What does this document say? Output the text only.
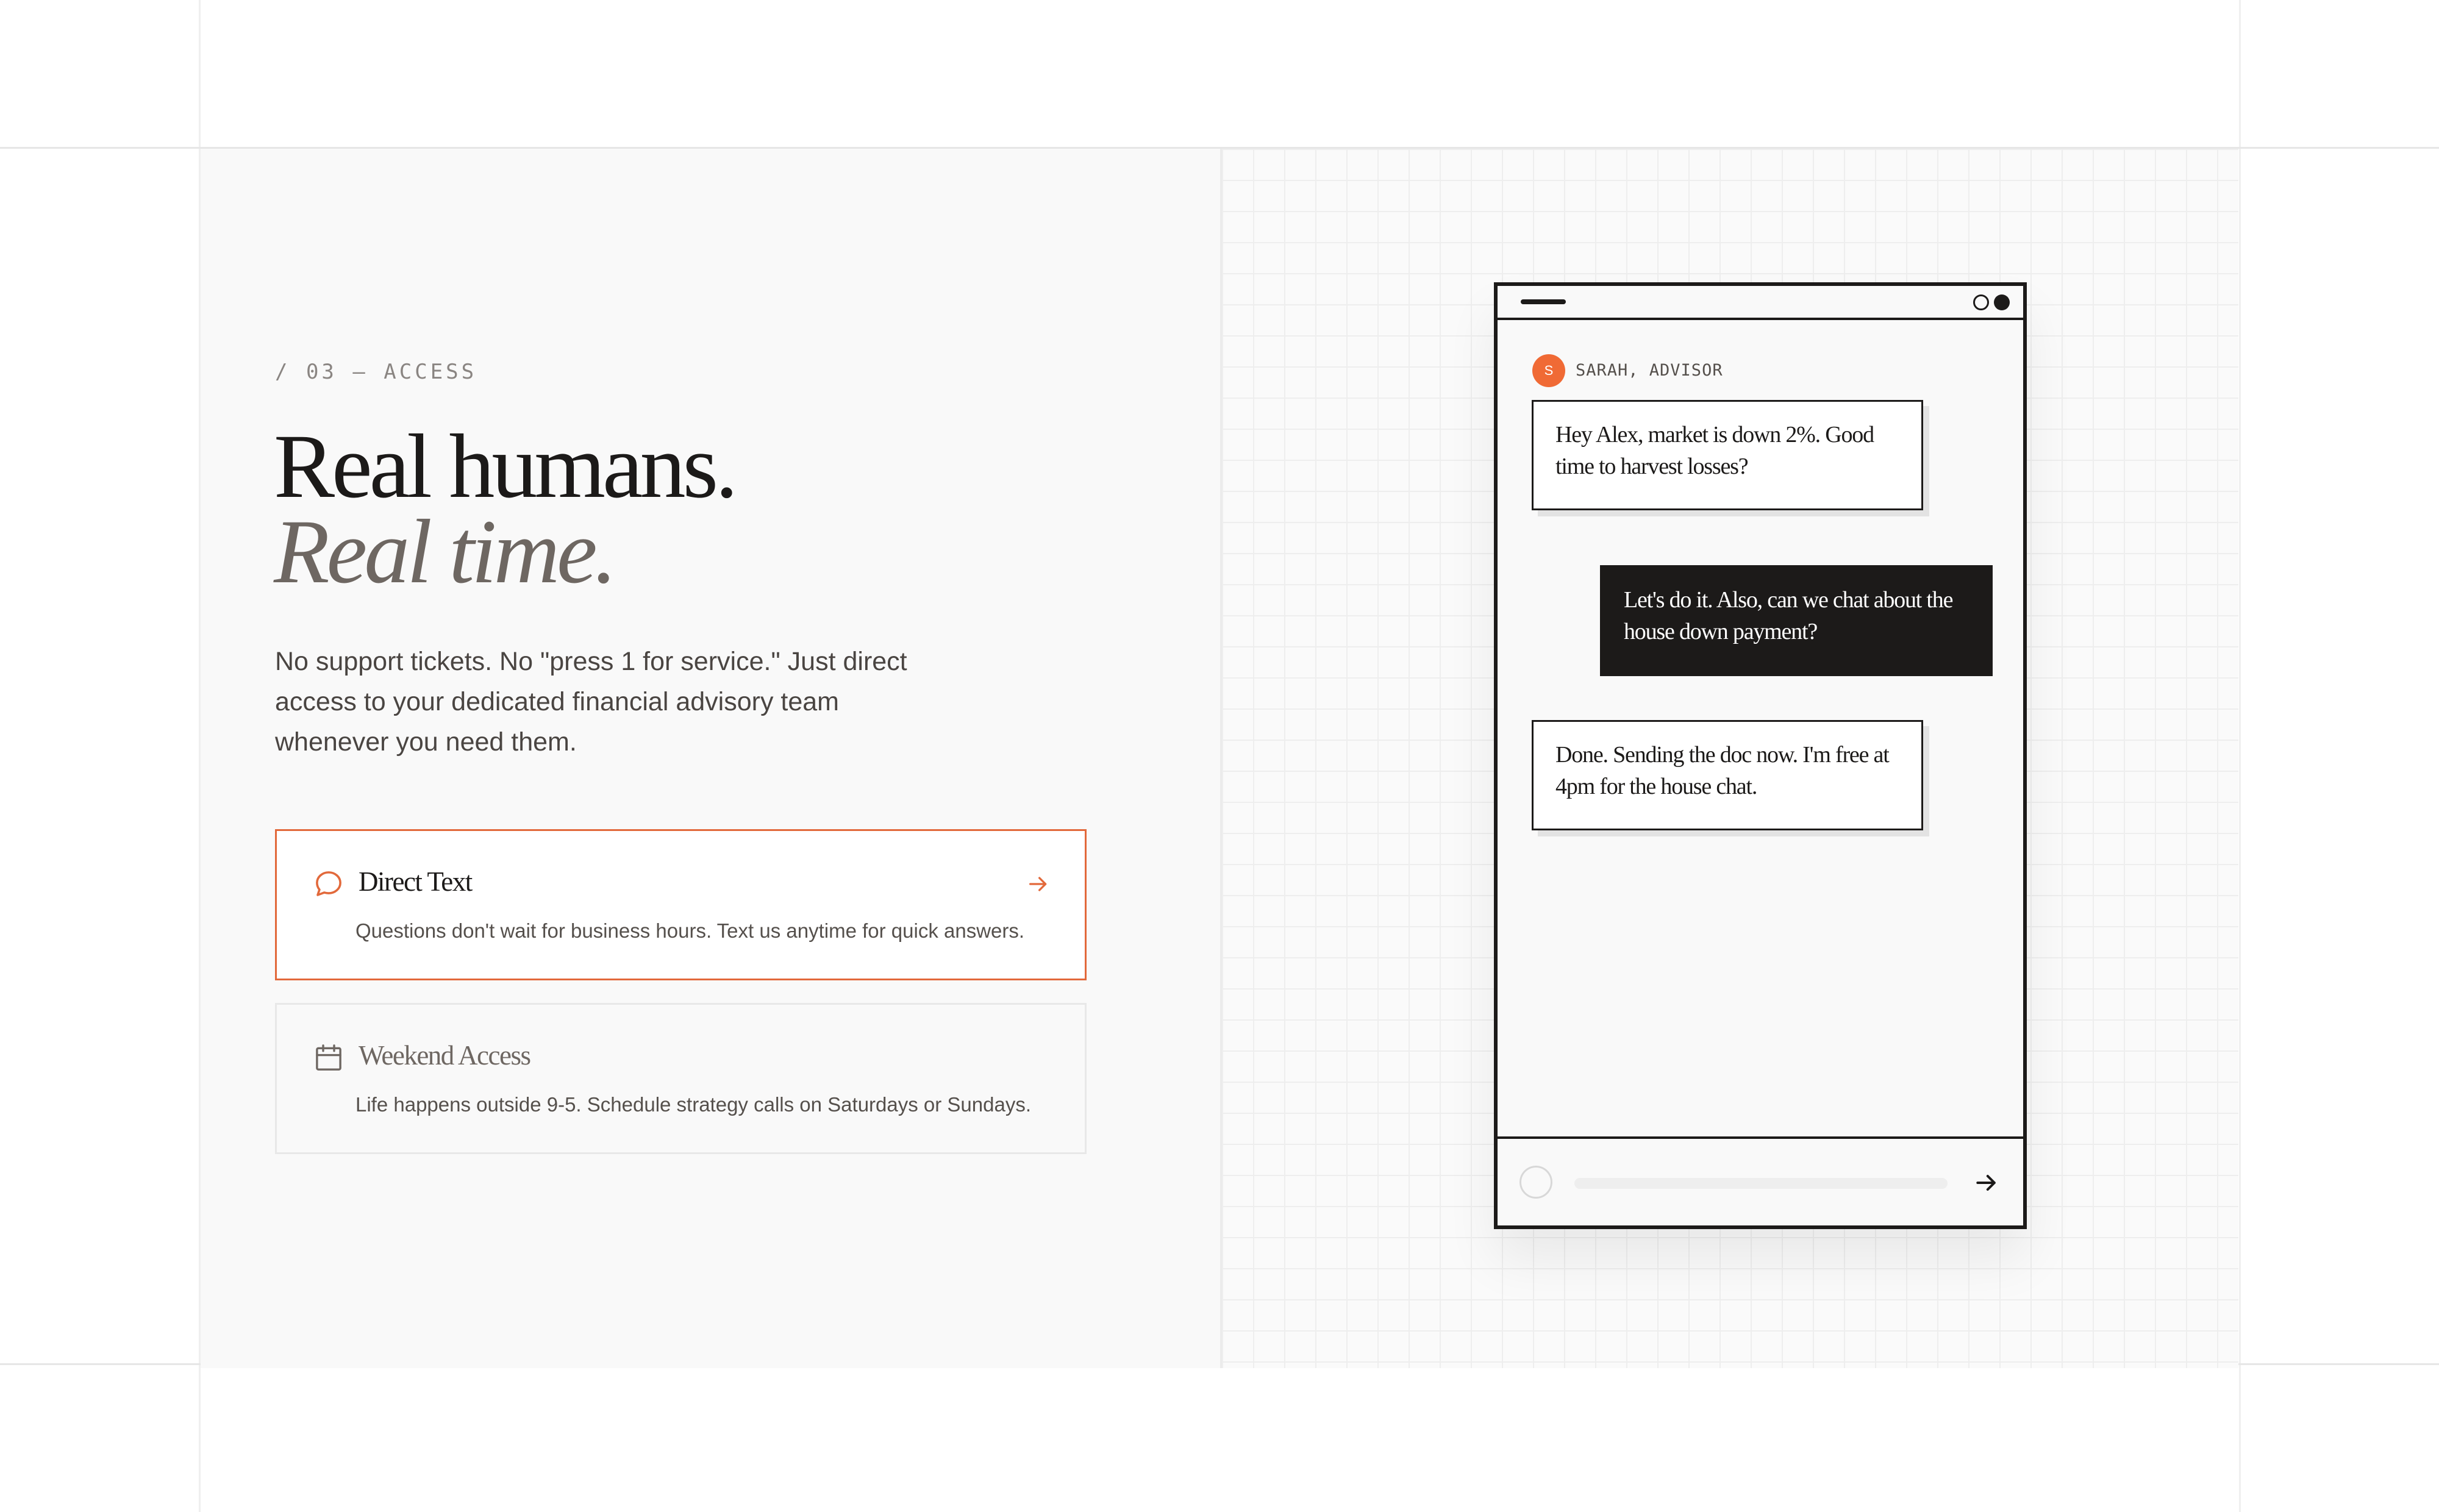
/ 03 — ACCESS
Real humans.
Real time.

No support tickets. No "press 1 for service." Just direct access to your dedicated financial advisory team whenever you need them.

Direct Text
Questions don't wait for business hours. Text us anytime for quick answers.
Weekend Access
Life happens outside 9-5. Schedule strategy calls on Saturdays or Sundays.
S	SARAH, ADVISOR
Hey Alex, market is down 2%. Good time to harvest losses?
Let's do it. Also, can we chat about the house down payment?
Done. Sending the doc now. I'm free at 4pm for the house chat.
